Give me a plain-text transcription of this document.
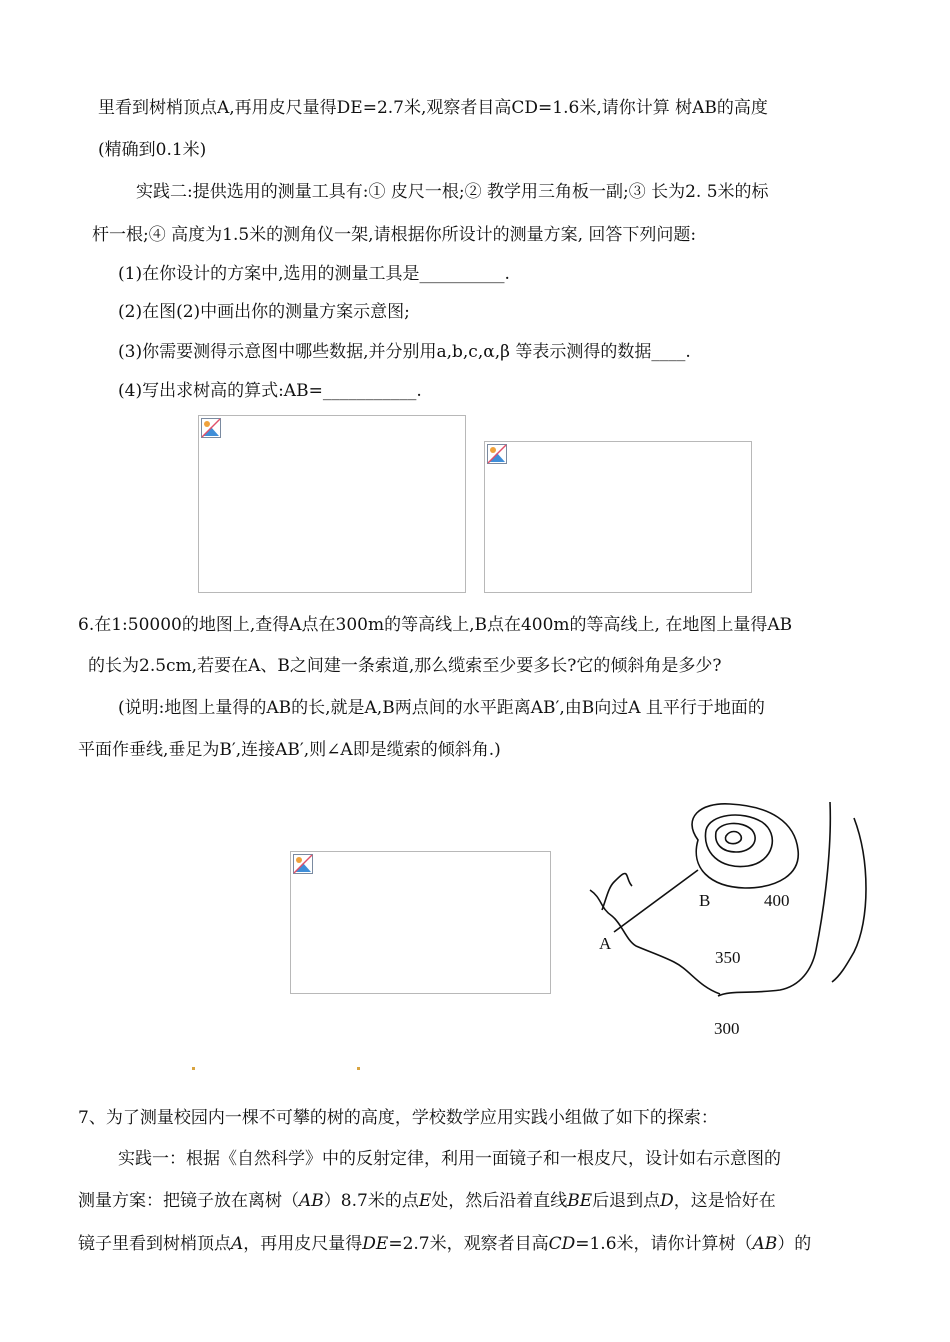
里看到树梢顶点A,再用皮尺量得DE=2.7米,观察者目高CD=1.6米,请你计算 树AB的高度
(精确到0.1米)
实践二:提供选用的测量工具有:① 皮尺一根;② 教学用三角板一副;③ 长为2. 5米的标
杆一根;④ 高度为1.5米的测角仪一架,请根据你所设计的测量方案, 回答下列问题:
(1)在你设计的方案中,选用的测量工具是__________.
(2)在图(2)中画出你的测量方案示意图;
(3)你需要测得示意图中哪些数据,并分别用a,b,c,α,β 等表示测得的数据____.
(4)写出求树高的算式:AB=___________.
6.在1:50000的地图上,查得A点在300m的等高线上,B点在400m的等高线上, 在地图上量得AB
的长为2.5cm,若要在A、B之间建一条索道,那么缆索至少要多长?它的倾斜角是多少?
(说明:地图上量得的AB的长,就是A,B两点间的水平距离AB′,由B向过A 且平行于地面的
平面作垂线,垂足为B′,连接AB′,则∠A即是缆索的倾斜角.)
A
B	400
350
300
7、为了测量校园内一棵不可攀的树的高度，学校数学应用实践小组做了如下的探索：
实践一：根据《自然科学》中的反射定律，利用一面镜子和一根皮尺，设计如右示意图的
测量方案：把镜子放在离树（AB）8.7米的点E处，然后沿着直线BE后退到点D，这是恰好在
镜子里看到树梢顶点A，再用皮尺量得DE=2.7米，观察者目高CD=1.6米，请你计算树（AB）的
